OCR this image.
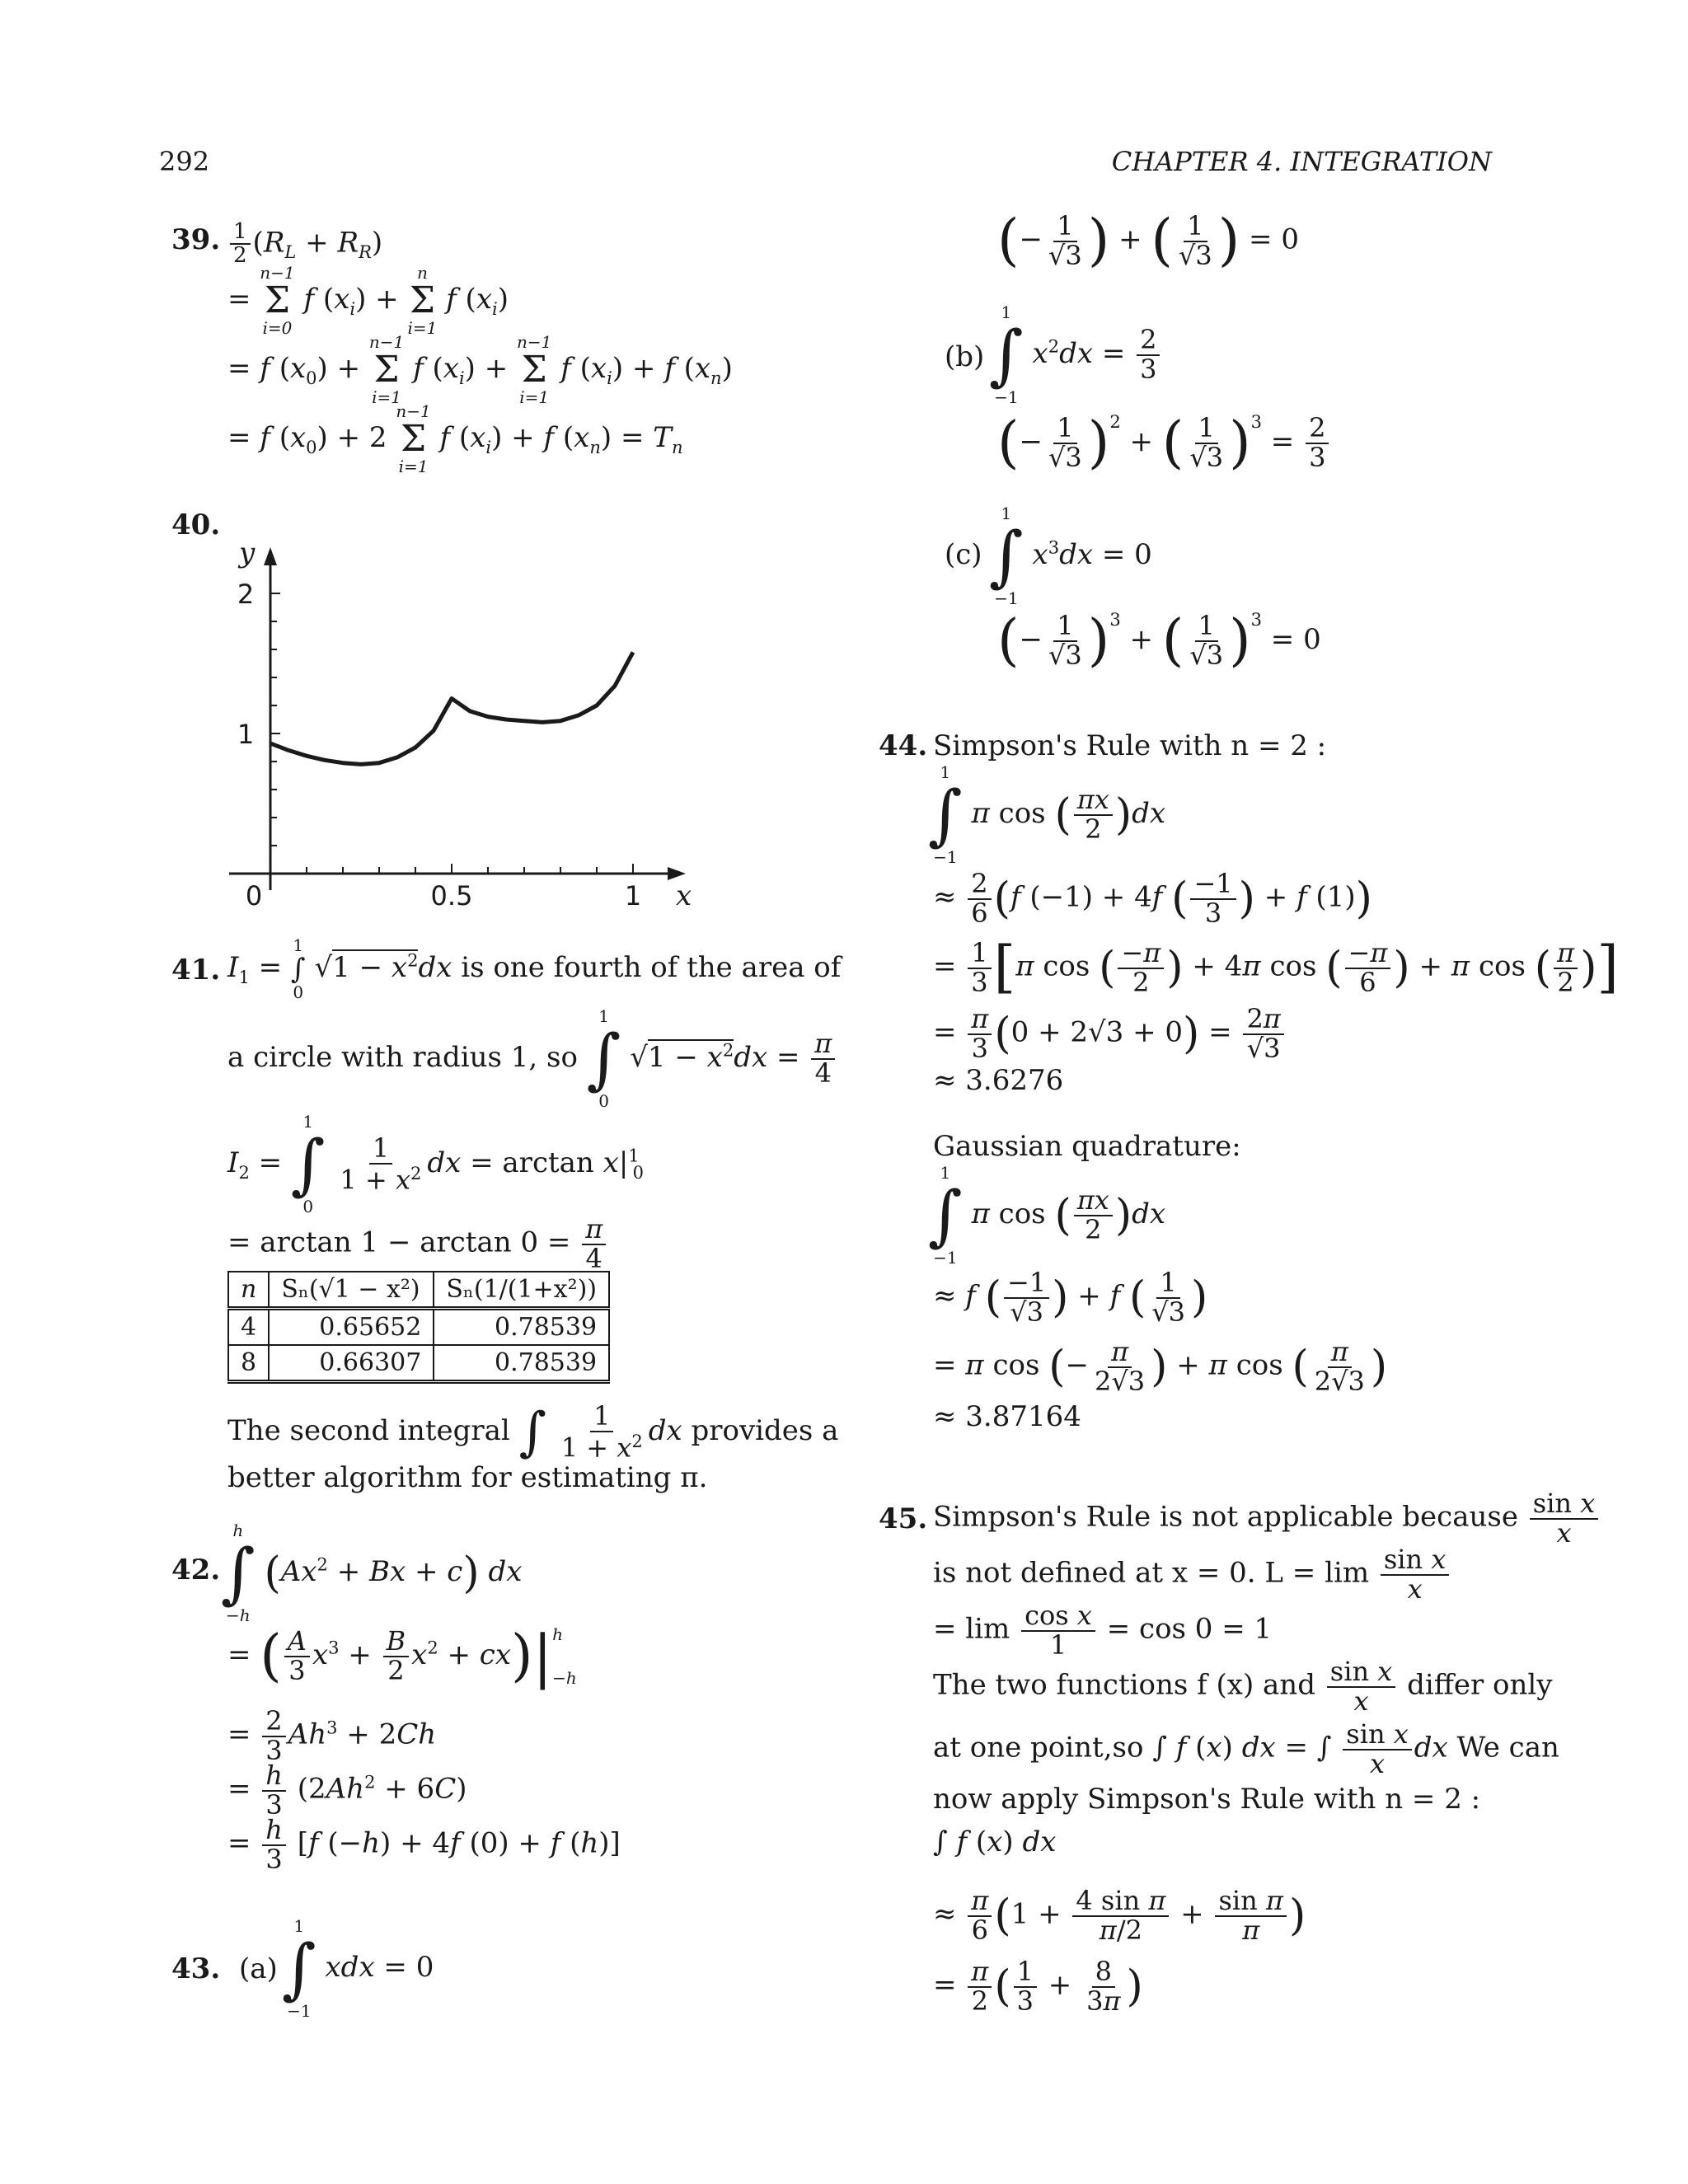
292	CHAPTER 4. INTEGRATION
39. $\frac{1}{2} (R_L + R_R)$
=
n−1
Σ
i=0
f $(x_i)$ +
n
Σ
i=1
f $(x_i)$
= f $(x_0)$ +
n−1
Σ
i=1
f $(x_i)$ +
n−1
Σ
i=1
f $(x_i) + f$ $(x_n)$
= f $(x_0) + 2$
n−1
Σ
i=1
f $(x_i) + f$ $(x_n) = T_n$
40.
0	0.5	1
1
2
x
y
41. $I_1$ =
1
∫
0
$√1 - x^2dx$ is one fourth of the area of
a circle with radius 1, so
1
∫
0
$√1 - x^2dx = \frac{\pi}{4}$
$I_2$ =
1
∫
0

$\frac{1}{1 + x^2}$ dx = $\arctan x|^1_0$
= $\arctan 1 - \arctan 0 = \frac{\pi}{4}$
n	Sₙ(√1 − x²)	Sₙ(1/(1+x²))
4	0.65652	0.78539
8	0.66307	0.78539
The second integral ∫ $\frac{1}{1 + x^2}$ dx provides a
better algorithm for estimating π.
42.
h
∫
−h
$(Ax^2 + Bx + c)$ dx
= ( $\frac{A}{3} x^3 + \frac{B}{2} x^2 + cx)|$ h
−h
= $\frac{2}{3} Ah^3 + 2Ch$
= $\frac{h}{3} (2Ah^2 + 6C)$
= $\frac{h}{3} [f$ (−h) + 4f (0) + f (h)]
43. (a)
1
∫
−1
xdx = 0
(− $\frac{1}{√3}$ ) + ( $\frac{1}{√3}$ ) = 0
(b)
1
∫
−1
$x^2dx = \frac{2}{3}$
(− $\frac{1}{√3} )^2$ + ( $\frac{1}{√3} )^3 = \frac{2}{3}$
(c)
1
∫
−1
$x^3dx = 0$
(− $\frac{1}{√3} )^3$ + ( $\frac{1}{√3} )^3 = 0$
44. Simpson's Rule with n = 2 :
1
∫
−1
π cos ( $\frac{\pi x}{2} )dx$
≈ $\frac{2}{6} (f$ (−1) + 4f ( $\frac{-1}{3}$ ) + f (1))
= $\frac{1}{3} [\pi$ cos ( $\frac{-\pi}{2}$ ) + 4π cos ( $\frac{-\pi}{6}$ ) + π cos ( $\frac{\pi}{2}$ )]
= $\frac{\pi}{3} (0 + 2√3 + 0) = \frac{2\pi}{√3}$
≈ 3.6276
Gaussian quadrature:
1
∫
−1
π cos ( $\frac{\pi x}{2} )dx$
≈ f ( $\frac{-1}{√3}$ ) + f ( $\frac{1}{√3}$ )
= π cos (− $\frac{\pi}{2√3}$ ) + π cos ( $\frac{\pi}{2√3}$ )
≈ 3.87164
45. Simpson's Rule is not applicable because $\frac{\text{sin x}}{x}$
is not defined at x = 0. $L = \lim \frac{\text{sin x}}{x}$
= $\lim \frac{\text{cos x}}{1} = \cos 0 = 1$
The two functions f (x) and $\frac{\text{sin x}}{x}$ differ only
at one point,so ∫ f (x) dx = ∫ $\frac{\text{sin x}}{x}$ dx We can
now apply Simpson's Rule with n = 2 :
∫ f (x) dx
≈ $\frac{\pi}{6} (1 + \frac{\text{4 sin π}}{\pi/2} + \frac{\text{sin π}}{\pi}$ )
= $\frac{\pi}{2}$ ( $\frac{1}{3} + \frac{8}{3\pi}$ )
